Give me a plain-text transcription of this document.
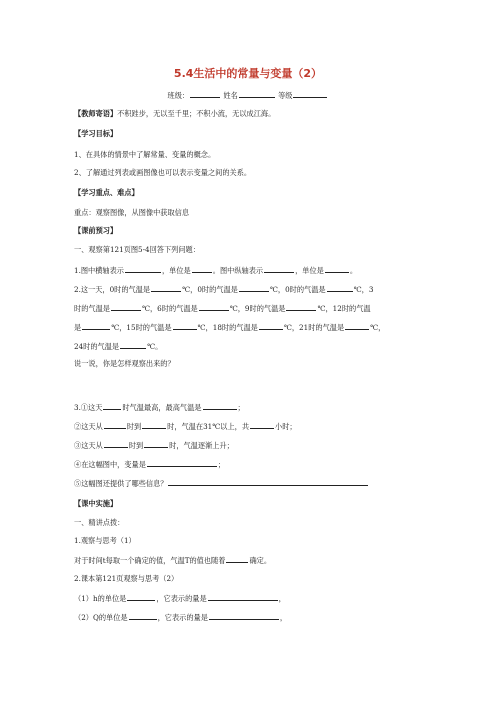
5.4生活中的常量与变量（2）
班级：	姓名	等级
【教师寄语】不积跬步，无以至千里；不积小流，无以成江海。
【学习目标】
1、在具体的情景中了解常量、变量的概念。
2、了解通过列表或画图像也可以表示变量之间的关系。
【学习重点、难点】
重点：观察图像，从图像中获取信息
【课前预习】
一、观察第121页图5-4回答下列问题：
1.图中横轴表示	，单位是	。图中纵轴表示	，单位是	。
2.这一天，0时的气温是	℃，0时的气温是	℃，0时的气温是	℃，3
时的气温是	℃，6时的气温是	℃，9时的气温是	℃，12时的气温
是	℃，15时的气温是	℃，18时的气温是	℃，21时的气温是	℃，
24时的气温是	℃。
说一说，你是怎样观察出来的？
3.①这天	时气温最高，最高气温是	；
②这天从	时到	时，气温在31℃以上，共	小时；
③这天从	时到	时，气温逐渐上升；
④在这幅图中，变量是	；
⑤这幅图还提供了哪些信息？
【课中实施】
一、精讲点拨：
1.观察与思考（1）
对于时间t每取一个确定的值，气温T的值也随着	确定。
2.课本第121页观察与思考（2）
（1）h的单位是	，它表示的量是	，
（2）Q的单位是	，它表示的量是	，
